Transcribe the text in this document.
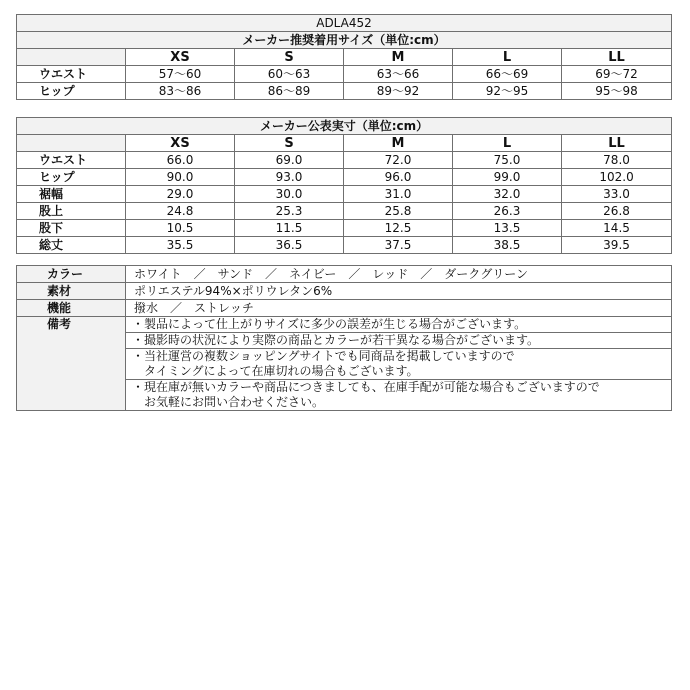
ADLA452					
メーカー推奨着用サイズ（単位:cm）					
	XS	S	M	L	LL
ウエスト	57〜60	60〜63	63〜66	66〜69	69〜72
ヒップ	83〜86	86〜89	89〜92	92〜95	95〜98
メーカー公表実寸（単位:cm）					
	XS	S	M	L	LL
ウエスト	66.0	69.0	72.0	75.0	78.0
ヒップ	90.0	93.0	96.0	99.0	102.0
裾幅	29.0	30.0	31.0	32.0	33.0
股上	24.8	25.3	25.8	26.3	26.8
股下	10.5	11.5	12.5	13.5	14.5
総丈	35.5	36.5	37.5	38.5	39.5
カラー	ホワイト　／　サンド　／　ネイビー　／　レッド　／　ダークグリーン
素材	ポリエステル94%×ポリウレタン6%
機能	撥水　／　ストレッチ
備考	・製品によって仕上がりサイズに多少の誤差が生じる場合がございます。

	・撮影時の状況により実際の商品とカラーが若干異なる場合がございます。

	・当社運営の複数ショッピングサイトでも同商品を掲載していますので
タイミングによって在庫切れの場合もございます。

	・現在庫が無いカラーや商品につきましても、在庫手配が可能な場合もございますので
お気軽にお問い合わせください。
